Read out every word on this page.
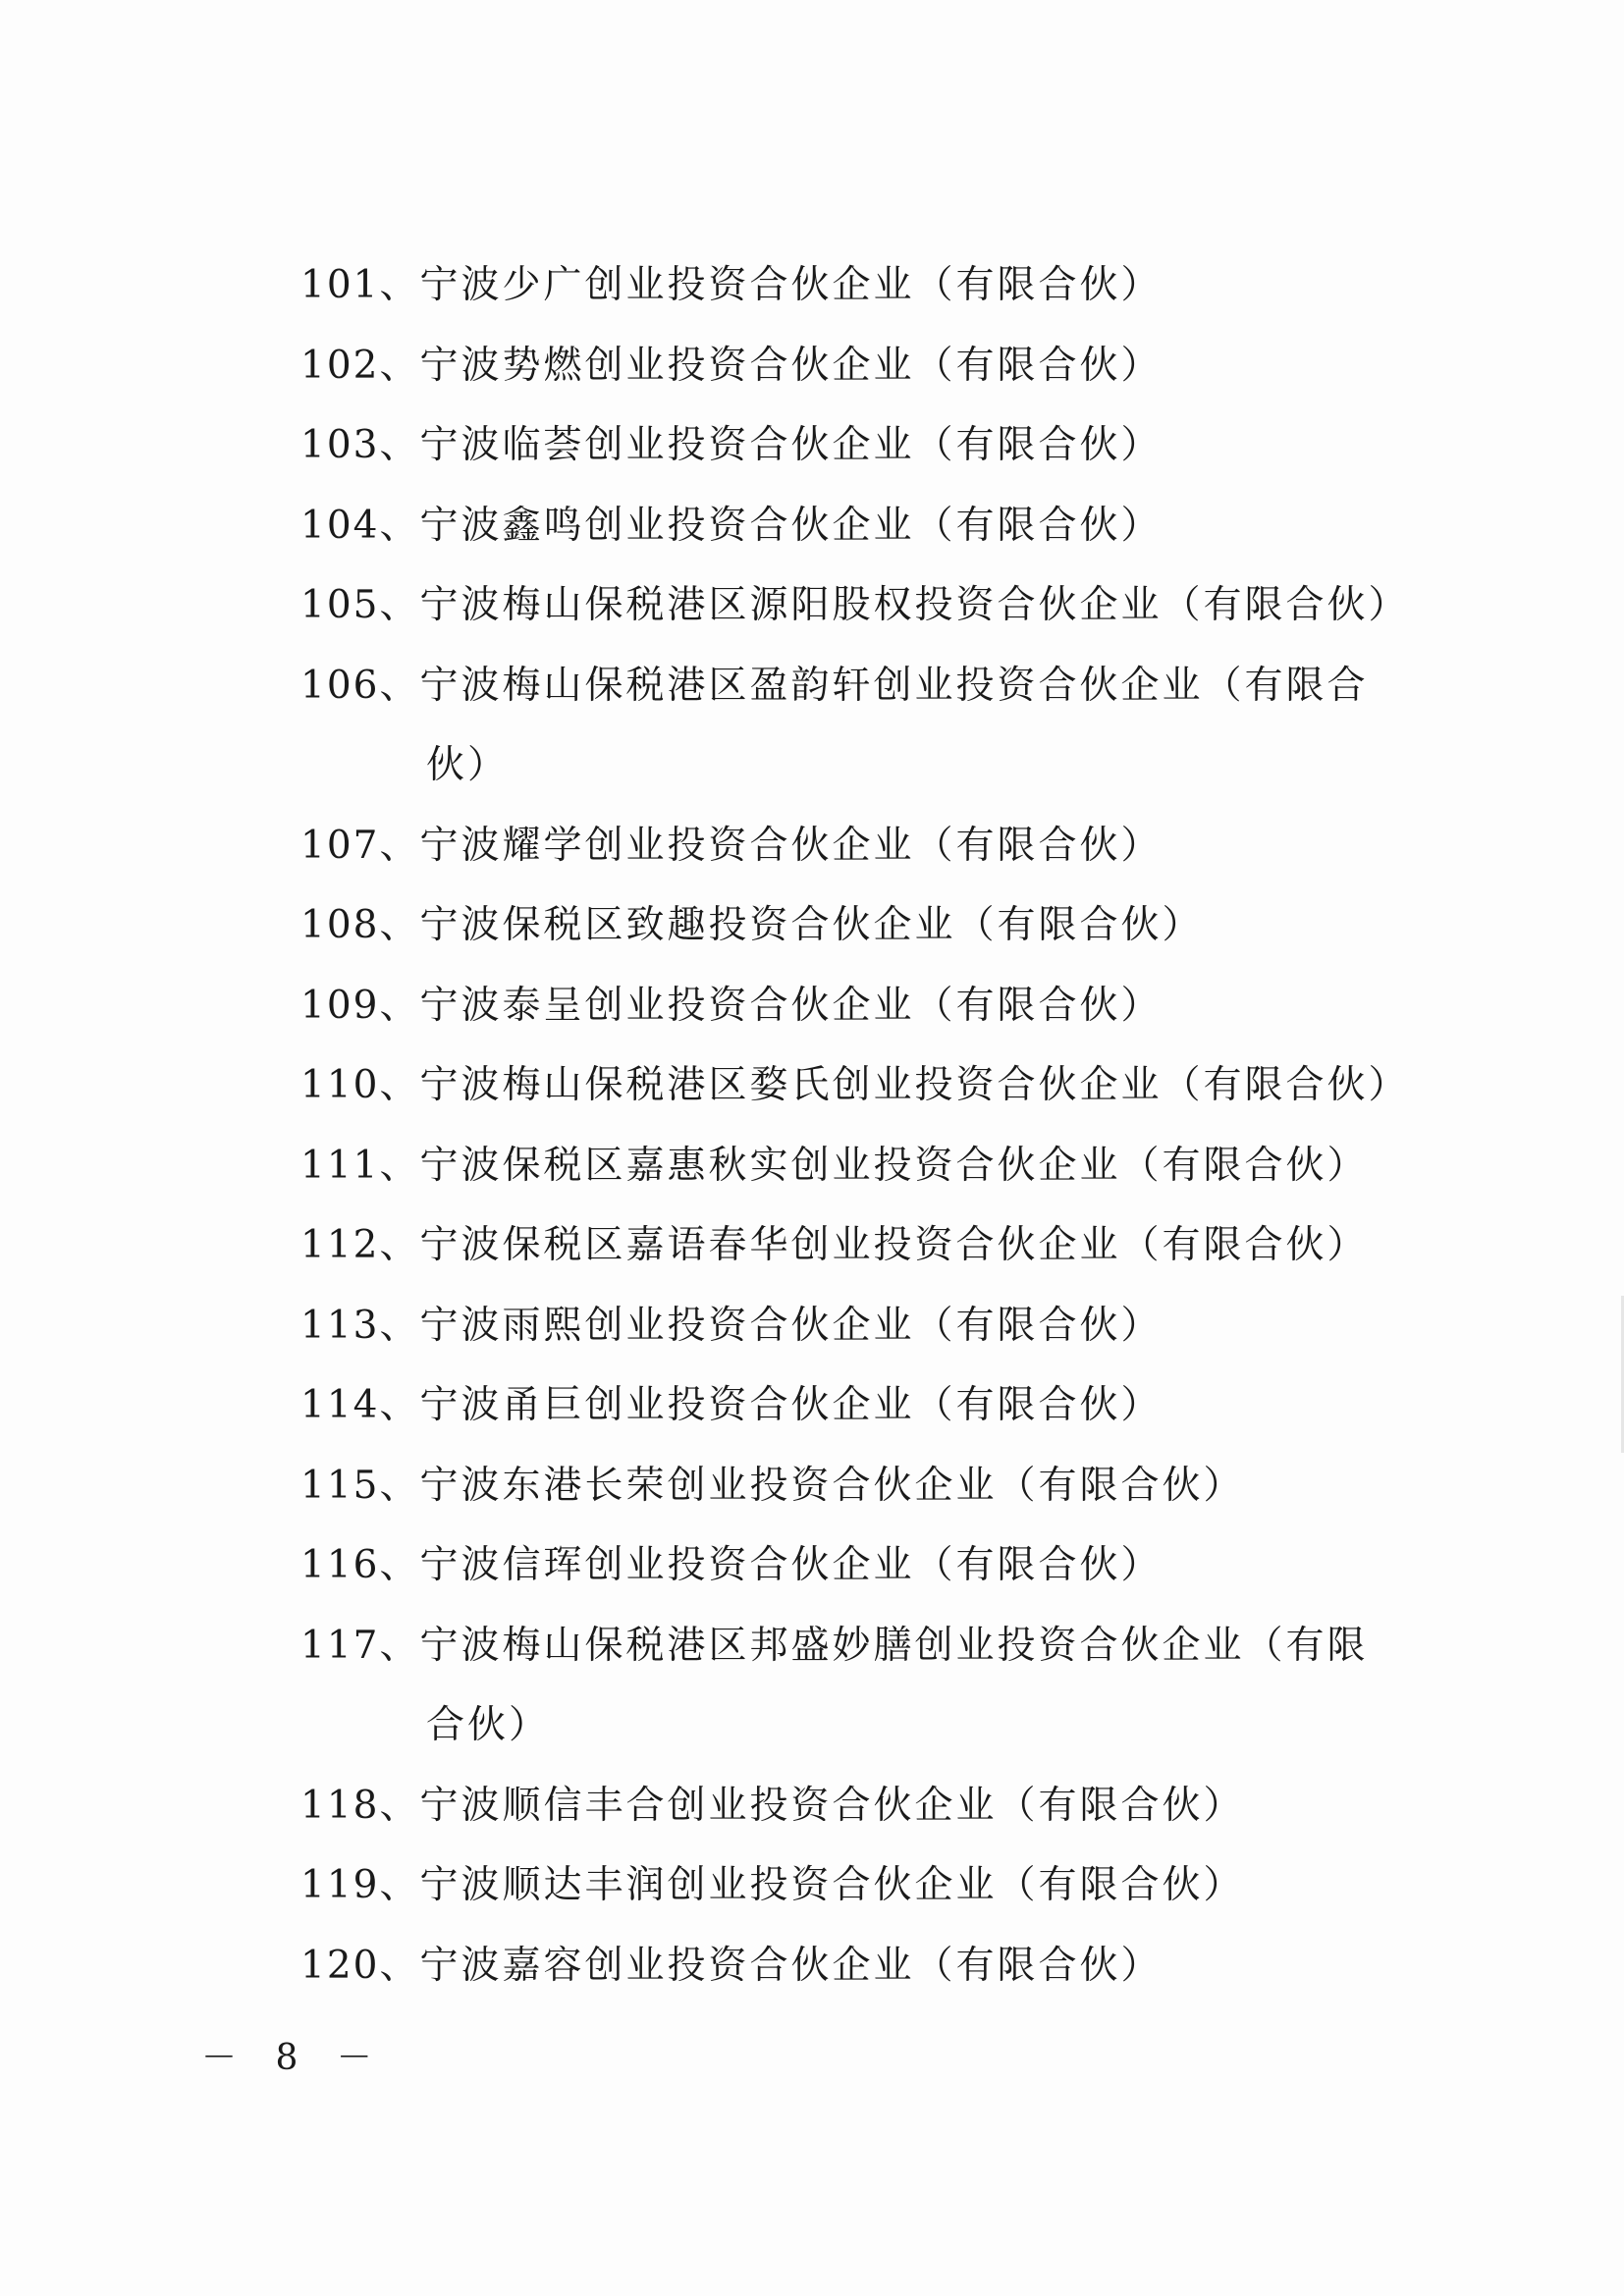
101、宁波少广创业投资合伙企业（有限合伙）
102、宁波势燃创业投资合伙企业（有限合伙）
103、宁波临荟创业投资合伙企业（有限合伙）
104、宁波鑫鸣创业投资合伙企业（有限合伙）
105、宁波梅山保税港区源阳股权投资合伙企业（有限合伙）
106、宁波梅山保税港区盈韵轩创业投资合伙企业（有限合
伙）
107、宁波耀学创业投资合伙企业（有限合伙）
108、宁波保税区致趣投资合伙企业（有限合伙）
109、宁波泰呈创业投资合伙企业（有限合伙）
110、宁波梅山保税港区婺氏创业投资合伙企业（有限合伙）
111、宁波保税区嘉惠秋实创业投资合伙企业（有限合伙）
112、宁波保税区嘉语春华创业投资合伙企业（有限合伙）
113、宁波雨熙创业投资合伙企业（有限合伙）
114、宁波甬巨创业投资合伙企业（有限合伙）
115、宁波东港长荣创业投资合伙企业（有限合伙）
116、宁波信珲创业投资合伙企业（有限合伙）
117、宁波梅山保税港区邦盛妙膳创业投资合伙企业（有限
合伙）
118、宁波顺信丰合创业投资合伙企业（有限合伙）
119、宁波顺达丰润创业投资合伙企业（有限合伙）
120、宁波嘉容创业投资合伙企业（有限合伙）
－ 8 －
